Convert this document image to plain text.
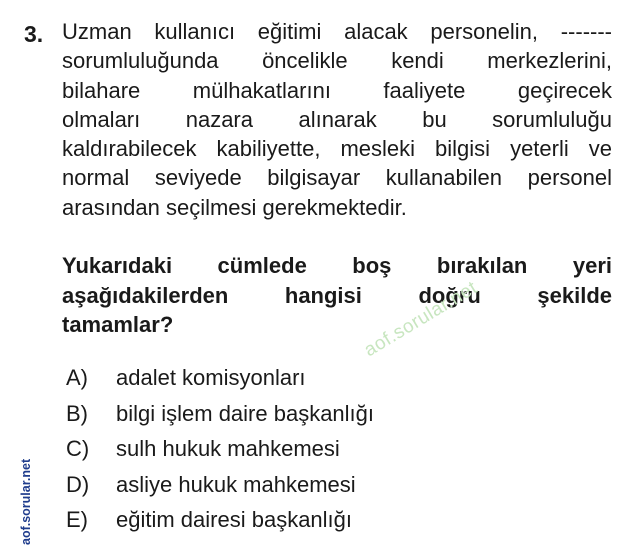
3. Uzman kullanıcı eğitimi alacak personelin, -------
sorumluluğunda öncelikle kendi merkezlerini,
bilahare mülhakatlarını faaliyete geçirecek
olmaları nazara alınarak bu sorumluluğu
kaldırabilecek kabiliyette, mesleki bilgisi yeterli ve
normal seviyede bilgisayar kullanabilen personel
arasından seçilmesi gerekmektedir.
Yukarıdaki cümlede boş bırakılan yeri
aşağıdakilerden hangisi doğru şekilde
tamamlar?
A) adalet komisyonları
B) bilgi işlem daire başkanlığı
C) sulh hukuk mahkemesi
D) asliye hukuk mahkemesi
E) eğitim dairesi başkanlığı
aof.sorular.net
aof.sorular.net
